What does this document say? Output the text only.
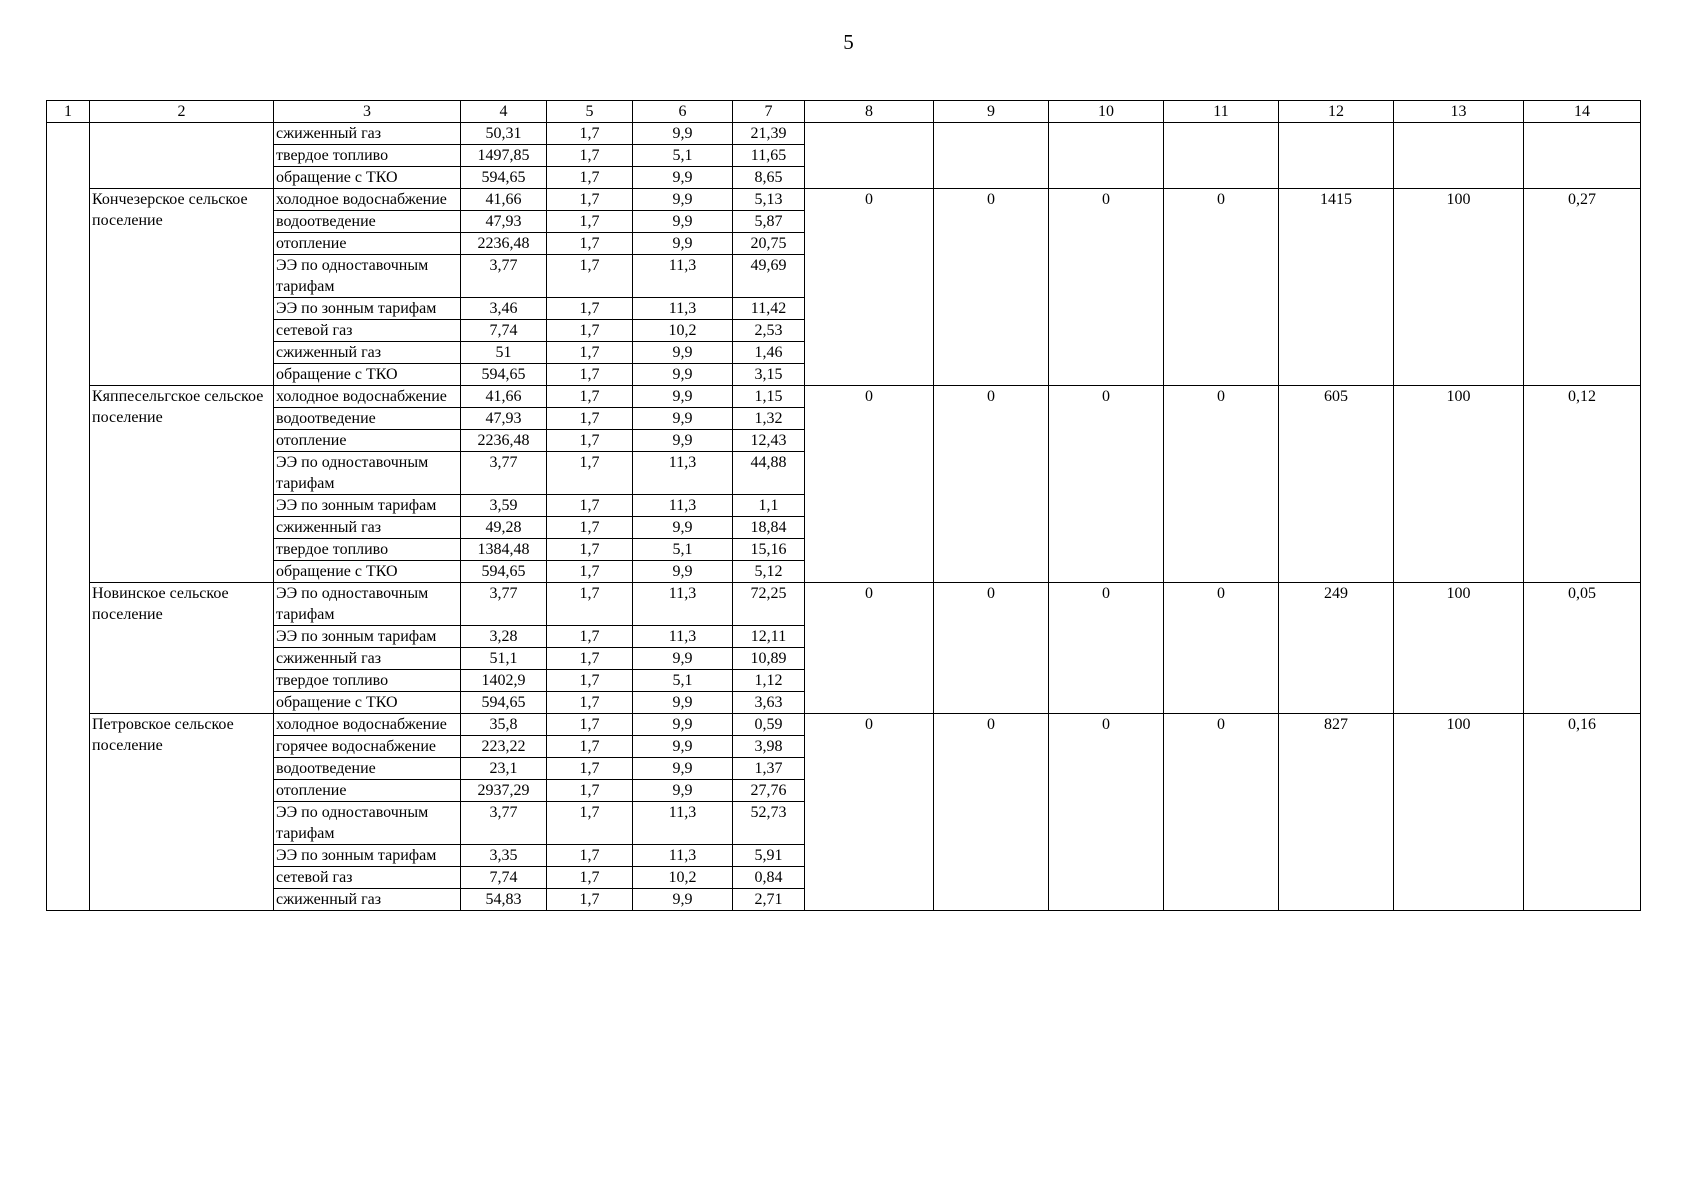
5
1	2	3	4	5	6	7	8	9	10	11	12	13	14
		сжиженный газ	50,31	1,7	9,9	21,39							
		твердое топливо	1497,85	1,7	5,1	11,65							
		обращение с ТКО	594,65	1,7	9,9	8,65							
	Кончезерское сельское поселение	холодное водоснабжение	41,66	1,7	9,9	5,13	0	0	0	0	1415	100	0,27
		водоотведение	47,93	1,7	9,9	5,87							
		отопление	2236,48	1,7	9,9	20,75							
		ЭЭ по одноставочным тарифам	3,77	1,7	11,3	49,69							
		ЭЭ по зонным тарифам	3,46	1,7	11,3	11,42							
		сетевой газ	7,74	1,7	10,2	2,53							
		сжиженный газ	51	1,7	9,9	1,46							
		обращение с ТКО	594,65	1,7	9,9	3,15							
	Кяппесельгское сельское поселение	холодное водоснабжение	41,66	1,7	9,9	1,15	0	0	0	0	605	100	0,12
		водоотведение	47,93	1,7	9,9	1,32							
		отопление	2236,48	1,7	9,9	12,43							
		ЭЭ по одноставочным тарифам	3,77	1,7	11,3	44,88							
		ЭЭ по зонным тарифам	3,59	1,7	11,3	1,1							
		сжиженный газ	49,28	1,7	9,9	18,84							
		твердое топливо	1384,48	1,7	5,1	15,16							
		обращение с ТКО	594,65	1,7	9,9	5,12							
	Новинское сельское поселение	ЭЭ по одноставочным тарифам	3,77	1,7	11,3	72,25	0	0	0	0	249	100	0,05
		ЭЭ по зонным тарифам	3,28	1,7	11,3	12,11							
		сжиженный газ	51,1	1,7	9,9	10,89							
		твердое топливо	1402,9	1,7	5,1	1,12							
		обращение с ТКО	594,65	1,7	9,9	3,63							
	Петровское сельское поселение	холодное водоснабжение	35,8	1,7	9,9	0,59	0	0	0	0	827	100	0,16
		горячее водоснабжение	223,22	1,7	9,9	3,98							
		водоотведение	23,1	1,7	9,9	1,37							
		отопление	2937,29	1,7	9,9	27,76							
		ЭЭ по одноставочным тарифам	3,77	1,7	11,3	52,73							
		ЭЭ по зонным тарифам	3,35	1,7	11,3	5,91							
		сетевой газ	7,74	1,7	10,2	0,84							
		сжиженный газ	54,83	1,7	9,9	2,71							
